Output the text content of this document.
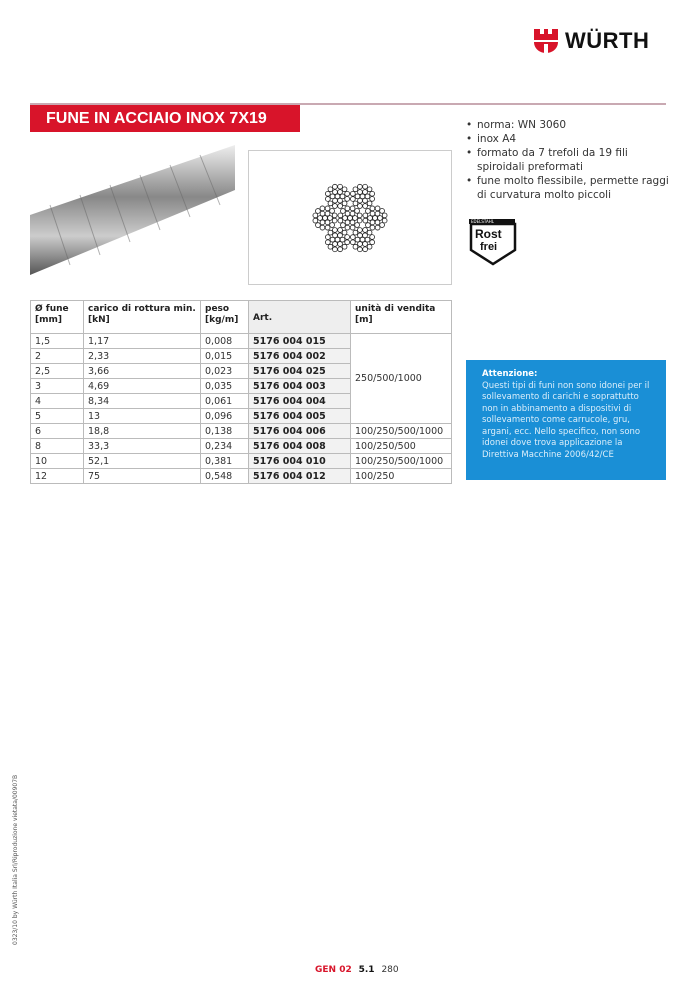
WÜRTH
FUNE IN ACCIAIO INOX 7X19	• norma: WN 3060
• inox A4
• formato da 7 trefoli da 19 fili spiroidali preformati
• fune molto flessibile, permette raggi di curvatura molto piccoli
EDELSTAHL
Rost
frei
Ø fune [mm]	carico di rottura min. [kN]	peso [kg/m]	Art.	unità di vendita [m]
1,5	1,17	0,008	5176 004 015	250/500/1000
2	2,33	0,015	5176 004 002	
2,5	3,66	0,023	5176 004 025	
3	4,69	0,035	5176 004 003	
4	8,34	0,061	5176 004 004	
5	13	0,096	5176 004 005	
6	18,8	0,138	5176 004 006	100/250/500/1000
8	33,3	0,234	5176 004 008	100/250/500
10	52,1	0,381	5176 004 010	100/250/500/1000
12	75	0,548	5176 004 012	100/250
Attenzione:
Questi tipi di funi non sono idonei per il sollevamento di carichi e soprattutto non in abbinamento a dispositivi di sollevamento come carrucole, gru, argani, ecc. Nello specifico, non sono idonei dove trova applicazione la Direttiva Macchine 2006/42/CE
0323/10 by Würth Italia Srl/Riproduzione vietata/00907B
GEN 02 5.1 280
